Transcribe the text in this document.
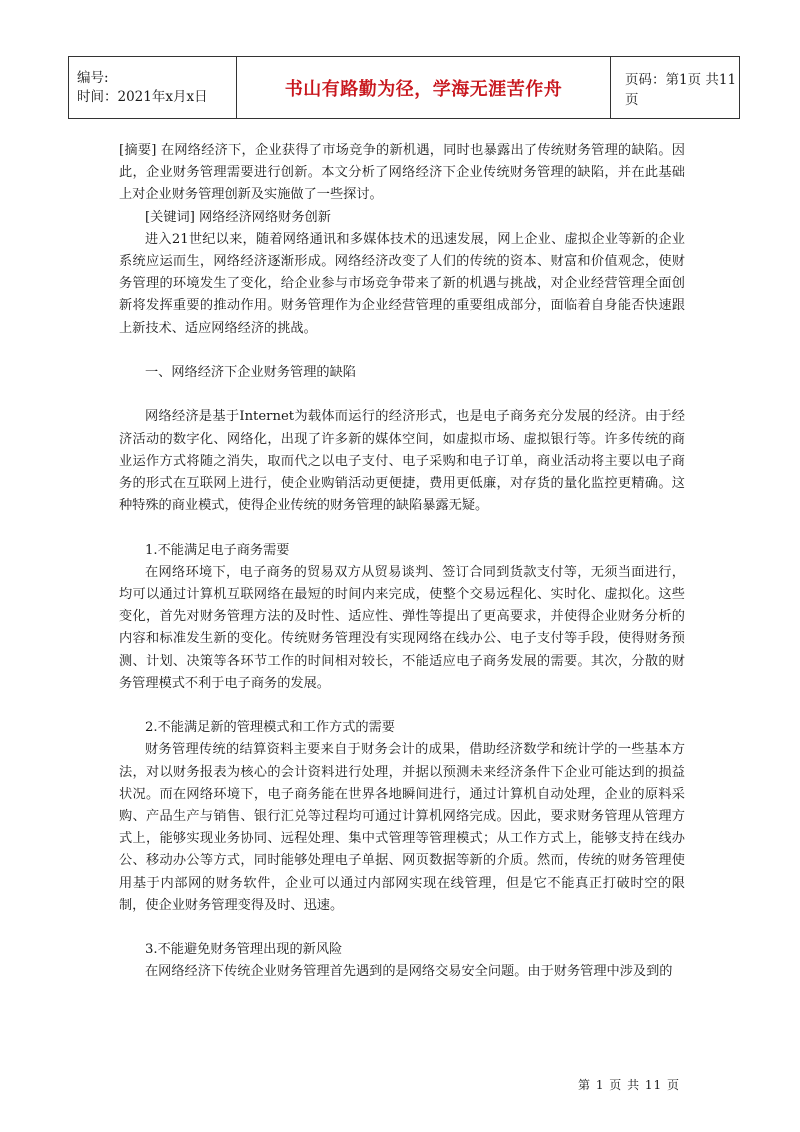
编号:
时间：2021年x月x日	书山有路勤为径，学海无涯苦作舟	页码：第1页 共11页

[摘要] 在网络经济下，企业获得了市场竞争的新机遇，同时也暴露出了传统财务管理的缺陷。因此，企业财务管理需要进行创新。本文分析了网络经济下企业传统财务管理的缺陷，并在此基础上对企业财务管理创新及实施做了一些探讨。

[关键词] 网络经济网络财务创新

进入21世纪以来，随着网络通讯和多媒体技术的迅速发展，网上企业、虚拟企业等新的企业系统应运而生，网络经济逐渐形成。网络经济改变了人们的传统的资本、财富和价值观念，使财务管理的环境发生了变化，给企业参与市场竞争带来了新的机遇与挑战，对企业经营管理全面创新将发挥重要的推动作用。财务管理作为企业经营管理的重要组成部分，面临着自身能否快速跟上新技术、适应网络经济的挑战。

一、网络经济下企业财务管理的缺陷

网络经济是基于Internet为载体而运行的经济形式，也是电子商务充分发展的经济。由于经济活动的数字化、网络化，出现了许多新的媒体空间，如虚拟市场、虚拟银行等。许多传统的商业运作方式将随之消失，取而代之以电子支付、电子采购和电子订单，商业活动将主要以电子商务的形式在互联网上进行，使企业购销活动更便捷，费用更低廉，对存货的量化监控更精确。这种特殊的商业模式，使得企业传统的财务管理的缺陷暴露无疑。

1.不能满足电子商务需要

在网络环境下，电子商务的贸易双方从贸易谈判、签订合同到货款支付等，无须当面进行，均可以通过计算机互联网络在最短的时间内来完成，使整个交易远程化、实时化、虚拟化。这些变化，首先对财务管理方法的及时性、适应性、弹性等提出了更高要求，并使得企业财务分析的内容和标准发生新的变化。传统财务管理没有实现网络在线办公、电子支付等手段，使得财务预测、计划、决策等各环节工作的时间相对较长，不能适应电子商务发展的需要。其次，分散的财务管理模式不利于电子商务的发展。

2.不能满足新的管理模式和工作方式的需要

财务管理传统的结算资料主要来自于财务会计的成果，借助经济数学和统计学的一些基本方法，对以财务报表为核心的会计资料进行处理，并据以预测未来经济条件下企业可能达到的损益状况。而在网络环境下，电子商务能在世界各地瞬间进行，通过计算机自动处理，企业的原料采购、产品生产与销售、银行汇兑等过程均可通过计算机网络完成。因此，要求财务管理从管理方式上，能够实现业务协同、远程处理、集中式管理等管理模式；从工作方式上，能够支持在线办公、移动办公等方式，同时能够处理电子单据、网页数据等新的介质。然而，传统的财务管理使用基于内部网的财务软件，企业可以通过内部网实现在线管理，但是它不能真正打破时空的限制，使企业财务管理变得及时、迅速。

3.不能避免财务管理出现的新风险

在网络经济下传统企业财务管理首先遇到的是网络交易安全问题。由于财务管理中涉及到的

第 1 页 共 11 页
